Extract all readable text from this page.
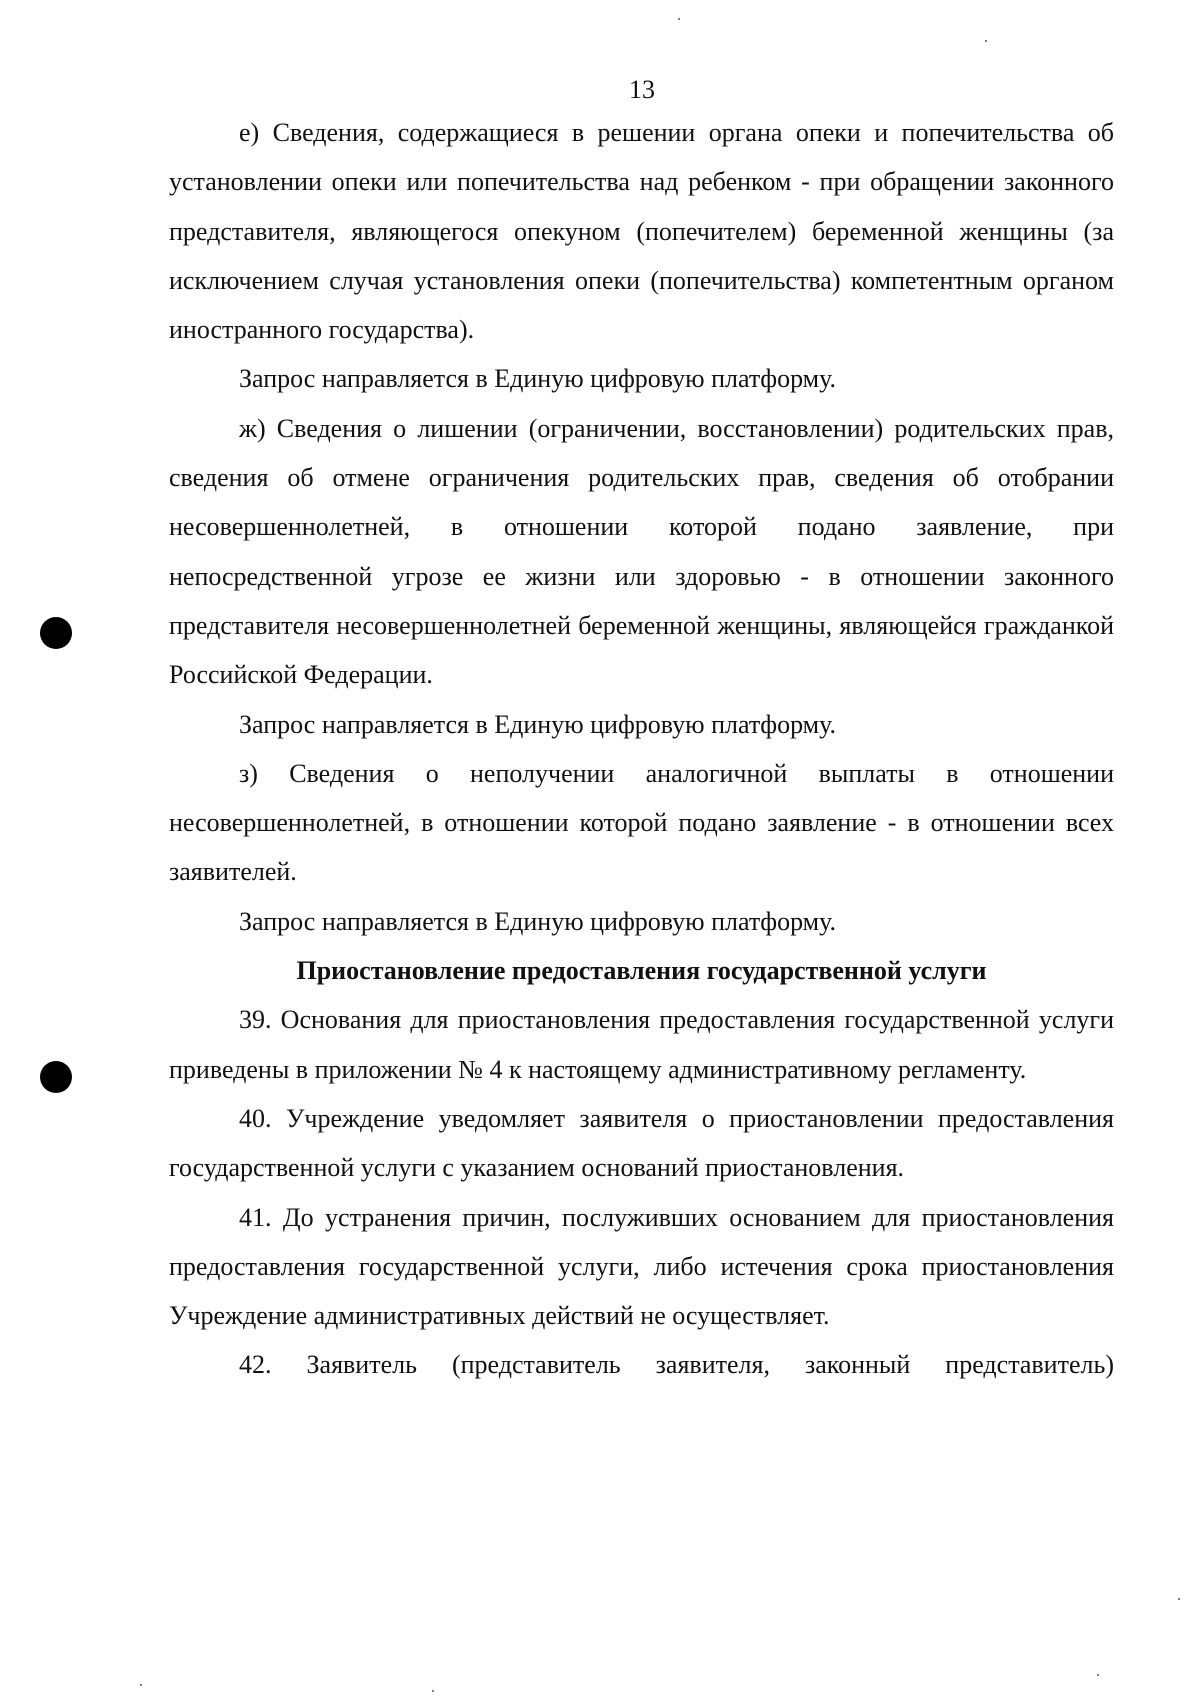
13

е) Сведения, содержащиеся в решении органа опеки и попечительства об установлении опеки или попечительства над ребенком - при обращении законного представителя, являющегося опекуном (попечителем) беременной женщины (за исключением случая установления опеки (попечительства) компетентным органом иностранного государства).

Запрос направляется в Единую цифровую платформу.

ж) Сведения о лишении (ограничении, восстановлении) родительских прав, сведения об отмене ограничения родительских прав, сведения об отобрании несовершеннолетней, в отношении которой подано заявление, при непосредственной угрозе ее жизни или здоровью - в отношении законного представителя несовершеннолетней беременной женщины, являющейся гражданкой Российской Федерации.

Запрос направляется в Единую цифровую платформу.

з) Сведения о неполучении аналогичной выплаты в отношении несовершеннолетней, в отношении которой подано заявление - в отношении всех заявителей.

Запрос направляется в Единую цифровую платформу.

Приостановление предоставления государственной услуги

39. Основания для приостановления предоставления государственной услуги приведены в приложении № 4 к настоящему административному регламенту.

40. Учреждение уведомляет заявителя о приостановлении предоставления государственной услуги с указанием оснований приостановления.

41. До устранения причин, послуживших основанием для приостановления предоставления государственной услуги, либо истечения срока приостановления Учреждение административных действий не осуществляет.

42. Заявитель (представитель заявителя, законный представитель)
